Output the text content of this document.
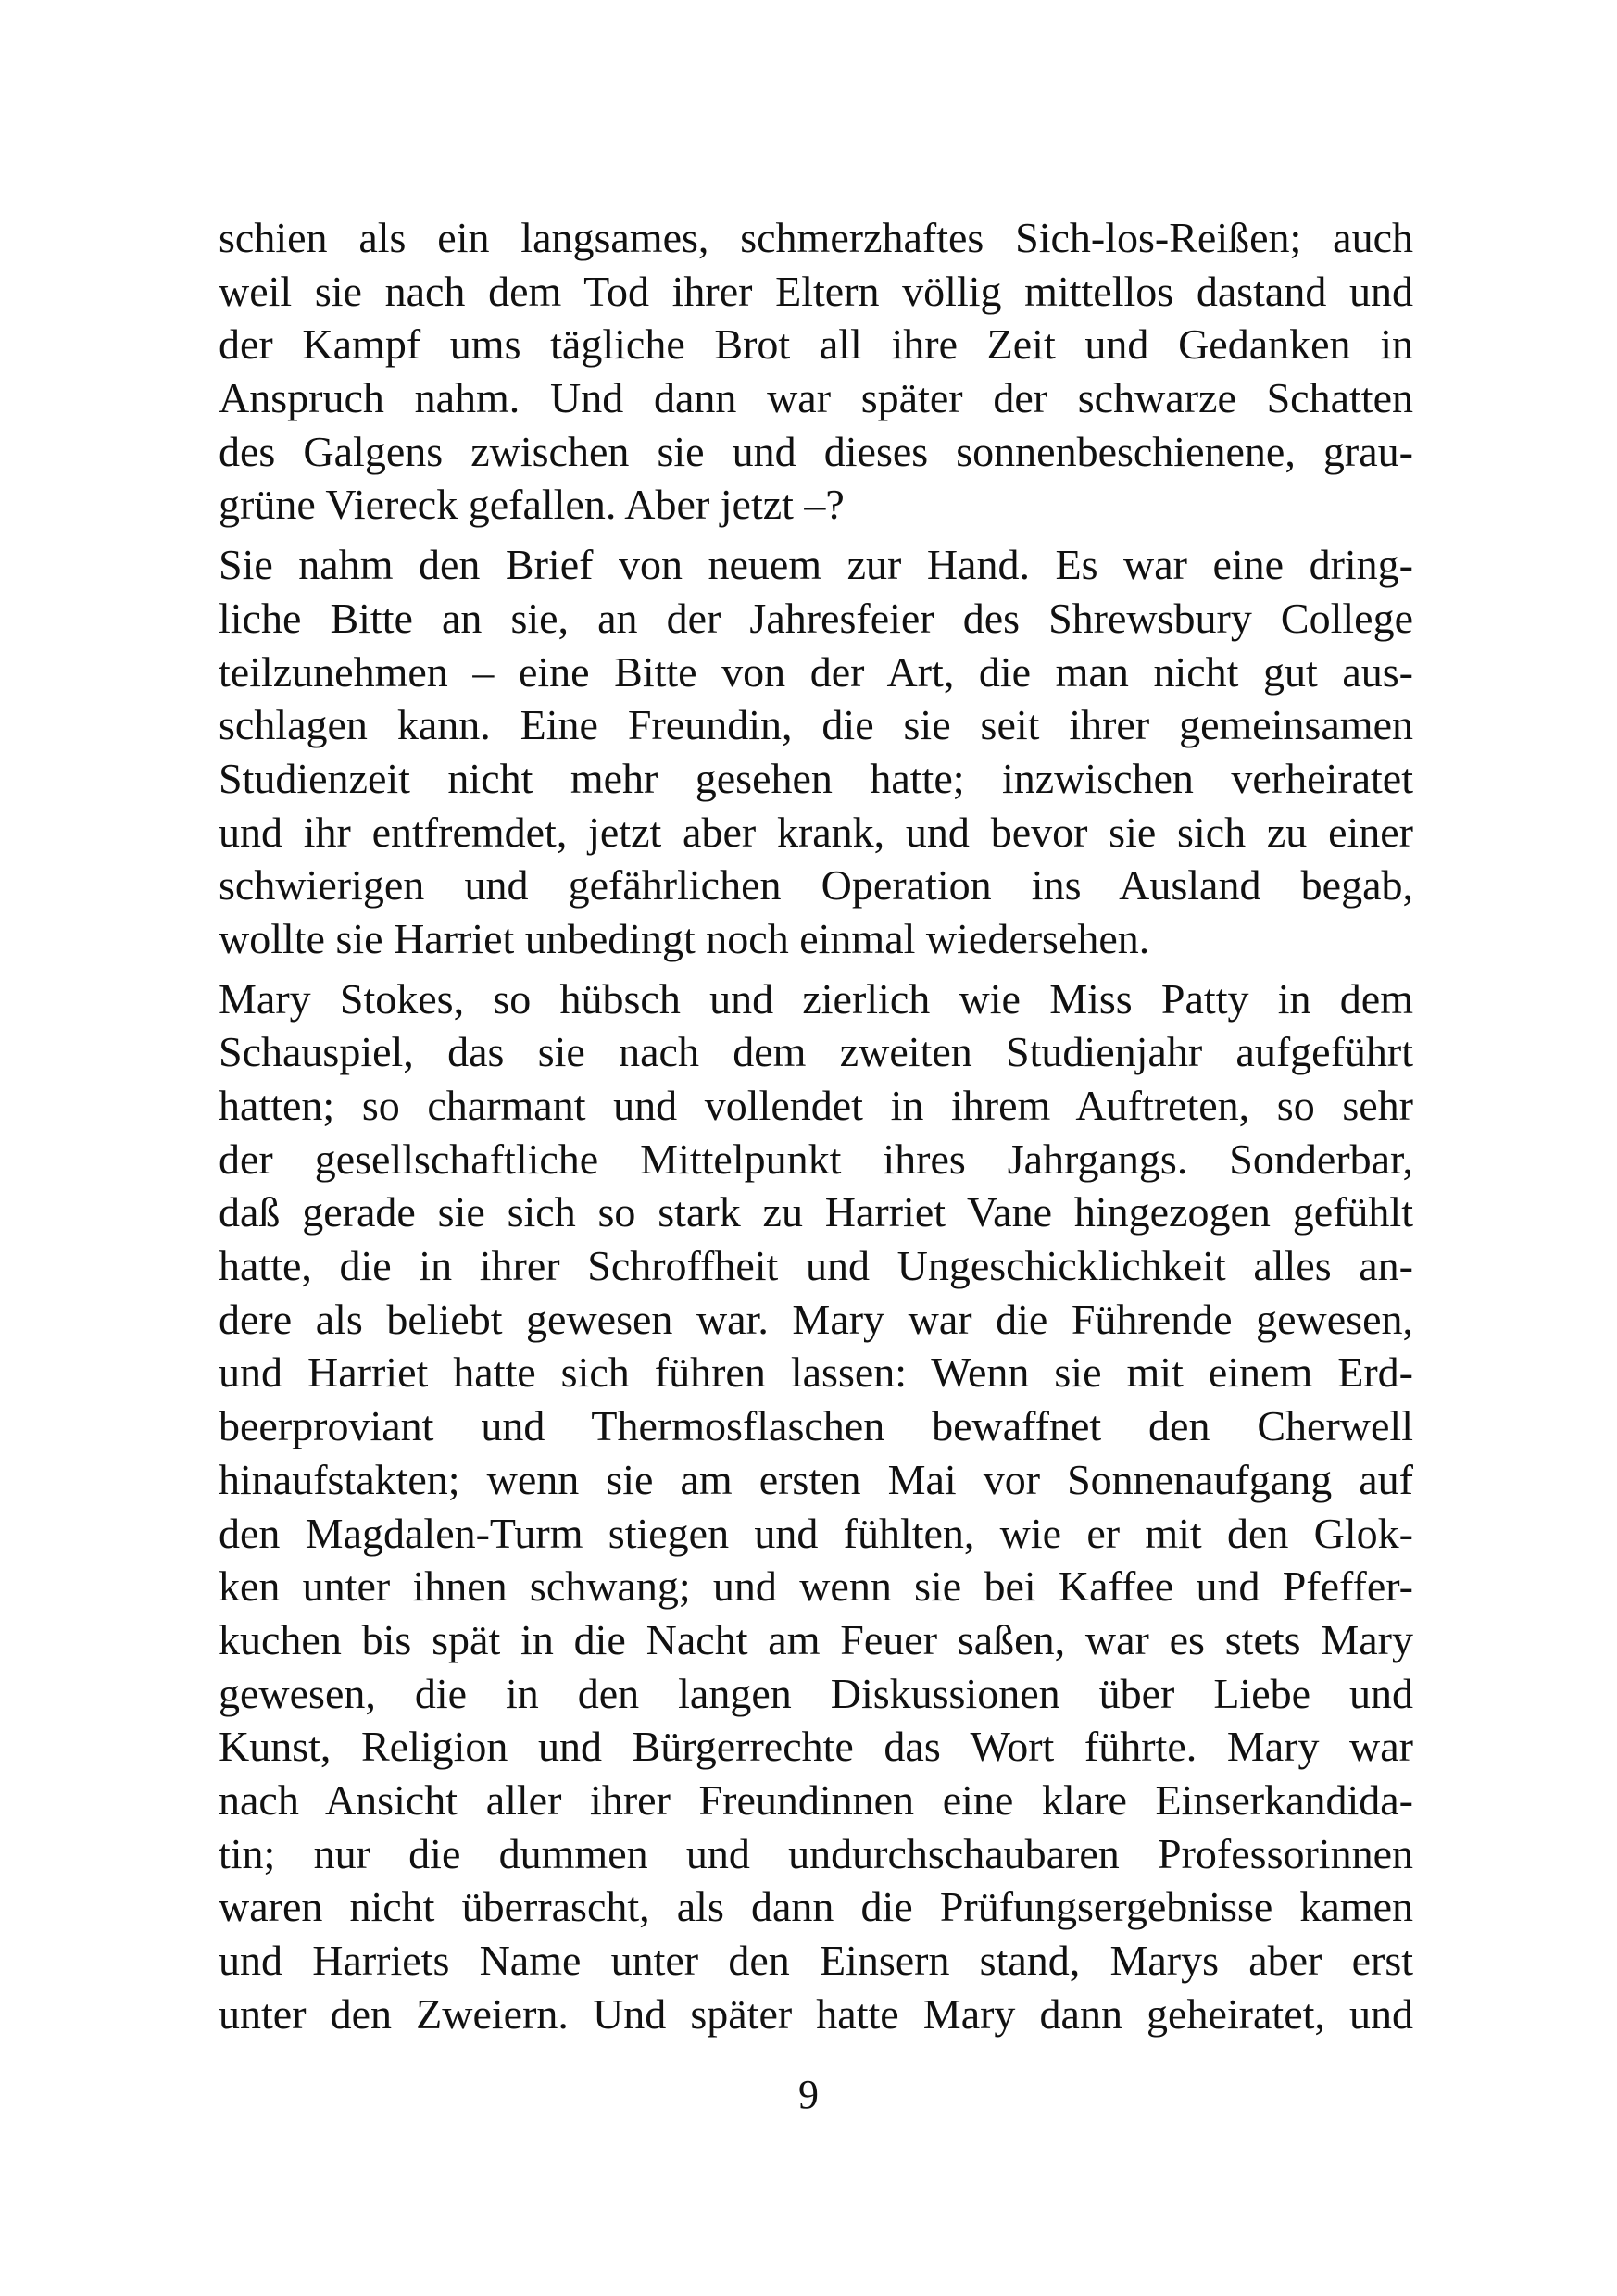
schien als ein langsames, schmerzhaftes Sich-los-Reißen; auch
weil sie nach dem Tod ihrer Eltern völlig mittellos dastand und
der Kampf ums tägliche Brot all ihre Zeit und Gedanken in
Anspruch nahm. Und dann war später der schwarze Schatten
des Galgens zwischen sie und dieses sonnenbeschienene, grau-
grüne Viereck gefallen. Aber jetzt –?
Sie nahm den Brief von neuem zur Hand. Es war eine dring-
liche Bitte an sie, an der Jahresfeier des Shrewsbury College
teilzunehmen – eine Bitte von der Art, die man nicht gut aus-
schlagen kann. Eine Freundin, die sie seit ihrer gemeinsamen
Studienzeit nicht mehr gesehen hatte; inzwischen verheiratet
und ihr entfremdet, jetzt aber krank, und bevor sie sich zu einer
schwierigen und gefährlichen Operation ins Ausland begab,
wollte sie Harriet unbedingt noch einmal wiedersehen.
Mary Stokes, so hübsch und zierlich wie Miss Patty in dem
Schauspiel, das sie nach dem zweiten Studienjahr aufgeführt
hatten; so charmant und vollendet in ihrem Auftreten, so sehr
der gesellschaftliche Mittelpunkt ihres Jahrgangs. Sonderbar,
daß gerade sie sich so stark zu Harriet Vane hingezogen gefühlt
hatte, die in ihrer Schroffheit und Ungeschicklichkeit alles an-
dere als beliebt gewesen war. Mary war die Führende gewesen,
und Harriet hatte sich führen lassen: Wenn sie mit einem Erd-
beerproviant und Thermosflaschen bewaffnet den Cherwell
hinaufstakten; wenn sie am ersten Mai vor Sonnenaufgang auf
den Magdalen-Turm stiegen und fühlten, wie er mit den Glok-
ken unter ihnen schwang; und wenn sie bei Kaffee und Pfeffer-
kuchen bis spät in die Nacht am Feuer saßen, war es stets Mary
gewesen, die in den langen Diskussionen über Liebe und
Kunst, Religion und Bürgerrechte das Wort führte. Mary war
nach Ansicht aller ihrer Freundinnen eine klare Einserkandida-
tin; nur die dummen und undurchschaubaren Professorinnen
waren nicht überrascht, als dann die Prüfungsergebnisse kamen
und Harriets Name unter den Einsern stand, Marys aber erst
unter den Zweiern. Und später hatte Mary dann geheiratet, und
9
